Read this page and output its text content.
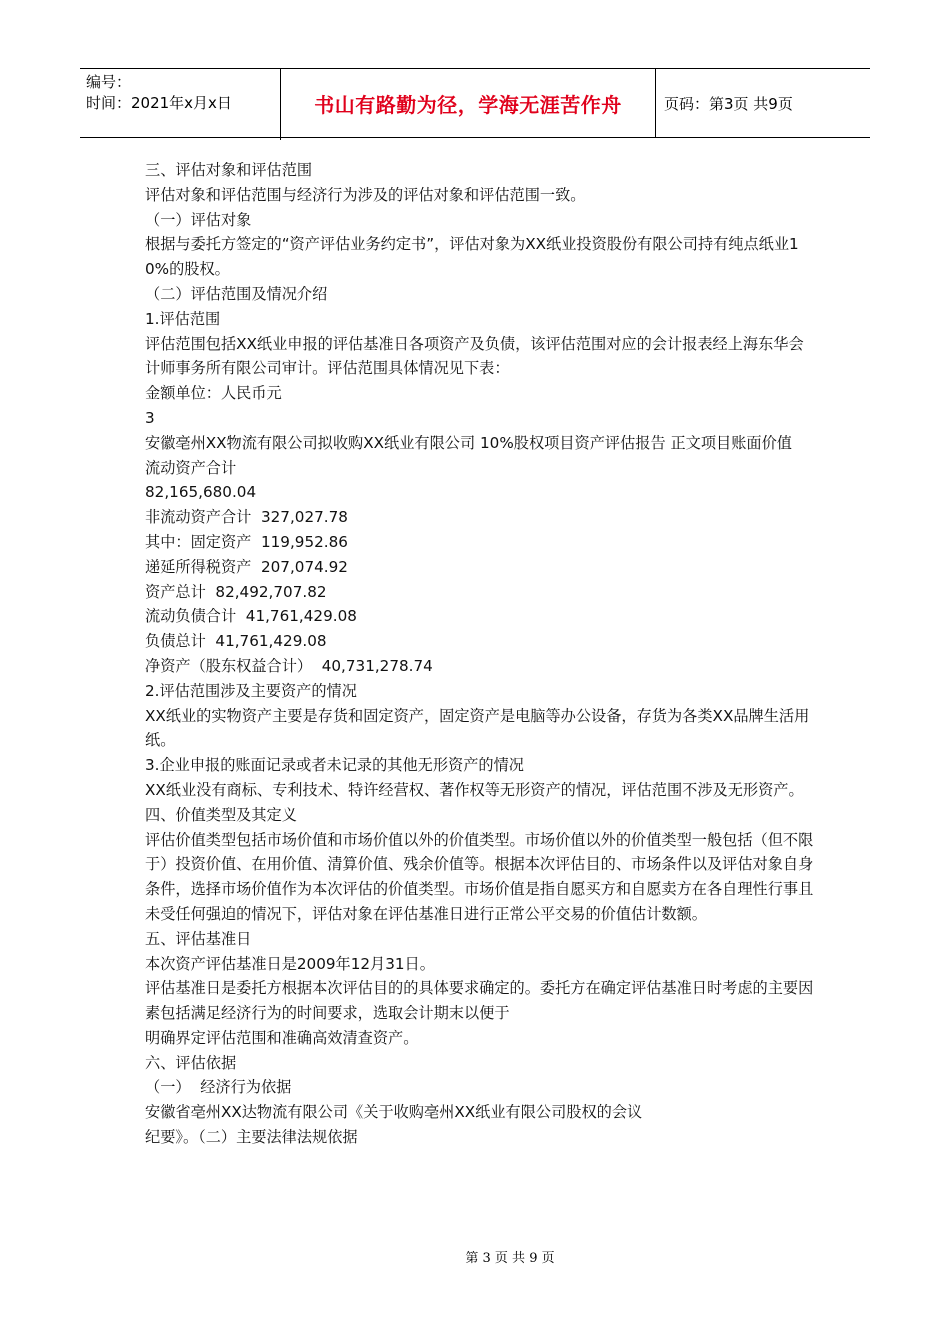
编号：
时间：2021年x月x日	书山有路勤为径，学海无涯苦作舟	页码：第3页 共9页

三、评估对象和评估范围

评估对象和评估范围与经济行为涉及的评估对象和评估范围一致。

（一）评估对象

根据与委托方签定的“资产评估业务约定书”，评估对象为XX纸业投资股份有限公司持有纯点纸业10%的股权。

（二）评估范围及情况介绍

1.评估范围

评估范围包括XX纸业申报的评估基准日各项资产及负债，该评估范围对应的会计报表经上海东华会计师事务所有限公司审计。评估范围具体情况见下表：

金额单位：人民币元

3

安徽亳州XX物流有限公司拟收购XX纸业有限公司 10%股权项目资产评估报告 正文项目账面价值

流动资产合计

82,165,680.04

非流动资产合计  327,027.78

其中：固定资产  119,952.86

递延所得税资产  207,074.92

资产总计  82,492,707.82

流动负债合计  41,761,429.08

负债总计  41,761,429.08

净资产（股东权益合计）  40,731,278.74

2.评估范围涉及主要资产的情况

XX纸业的实物资产主要是存货和固定资产，固定资产是电脑等办公设备，存货为各类XX品牌生活用纸。

3.企业申报的账面记录或者未记录的其他无形资产的情况

XX纸业没有商标、专利技术、特许经营权、著作权等无形资产的情况，评估范围不涉及无形资产。

四、价值类型及其定义

评估价值类型包括市场价值和市场价值以外的价值类型。市场价值以外的价值类型一般包括（但不限于）投资价值、在用价值、清算价值、残余价值等。根据本次评估目的、市场条件以及评估对象自身条件，选择市场价值作为本次评估的价值类型。市场价值是指自愿买方和自愿卖方在各自理性行事且未受任何强迫的情况下，评估对象在评估基准日进行正常公平交易的价值估计数额。

五、评估基准日

本次资产评估基准日是2009年12月31日。

评估基准日是委托方根据本次评估目的的具体要求确定的。委托方在确定评估基准日时考虑的主要因素包括满足经济行为的时间要求，选取会计期末以便于

明确界定评估范围和准确高效清查资产。

六、评估依据

（一）  经济行为依据

安徽省亳州XX达物流有限公司《关于收购亳州XX纸业有限公司股权的会议

纪要》。（二）主要法律法规依据

第 3 页 共 9 页
